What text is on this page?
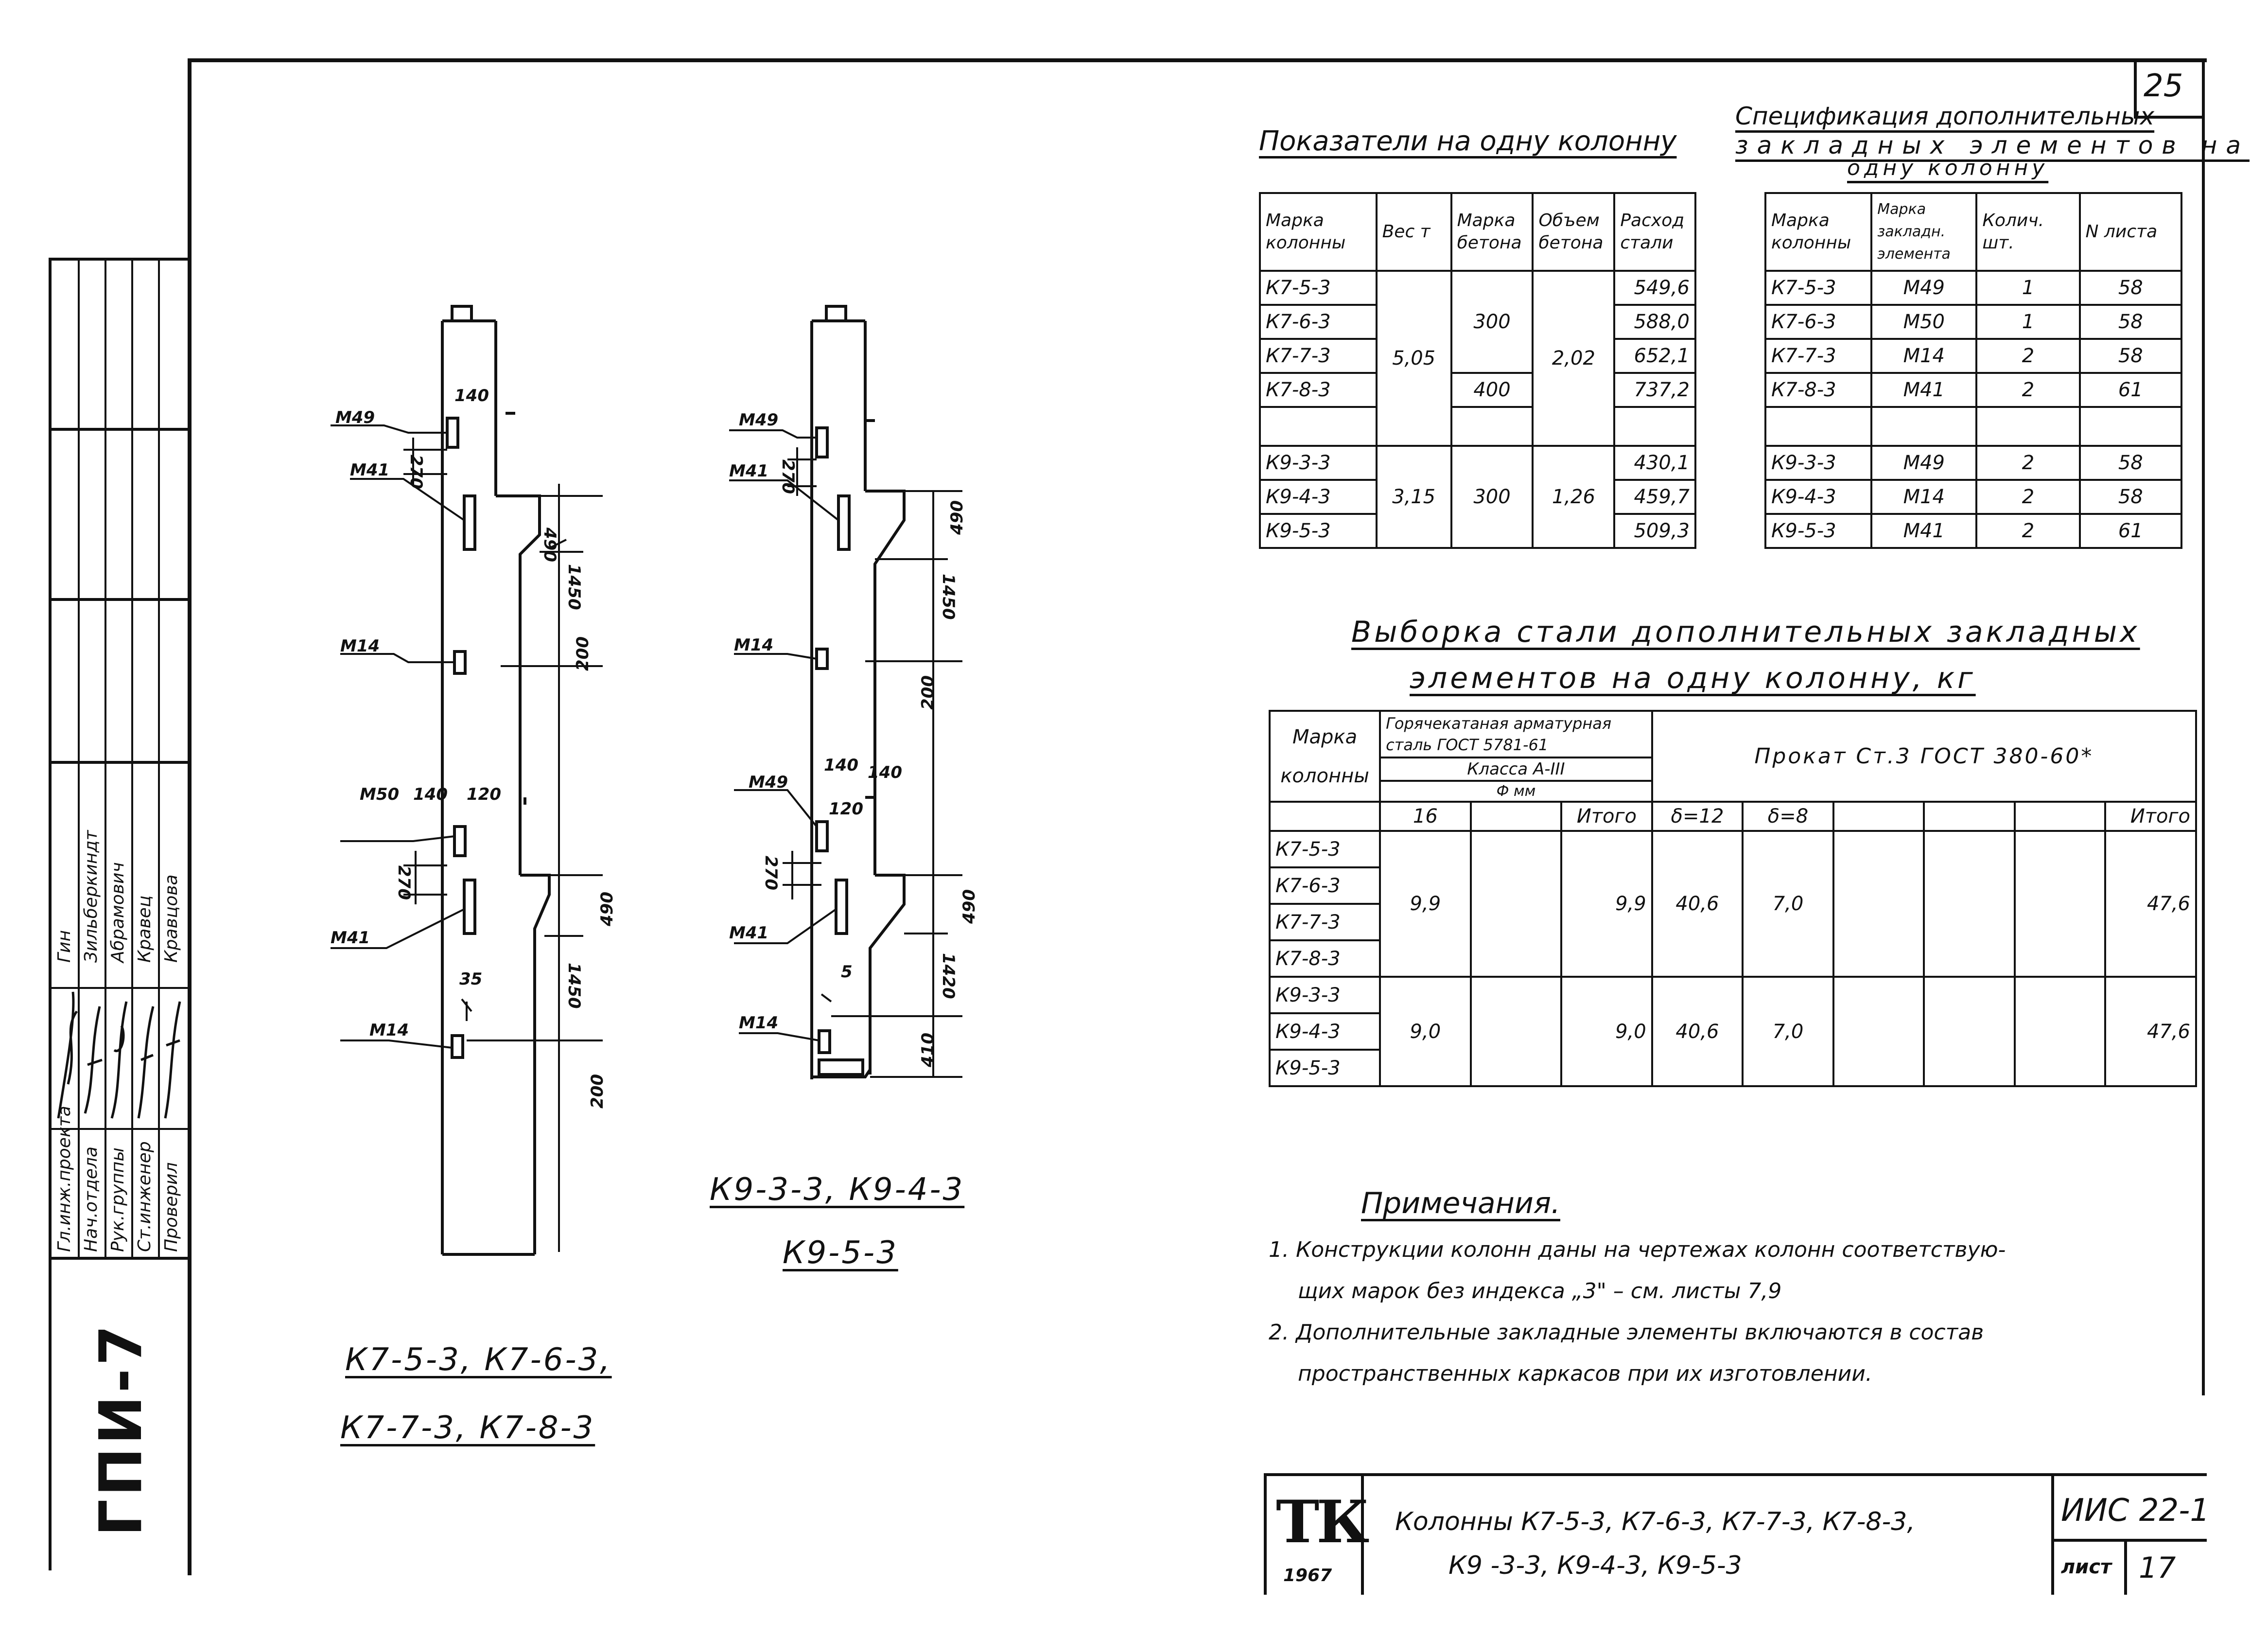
25
Гл.инж.проекта Нач.отдела Рук.группы Ст.инженер Проверил
Гин Зильберкиндт Абрамович Кравец Кравцова
ГПИ-7
М49
140
270
М41
490
1450
М14	200
М50 140 120
270
М41
490
35	1450
М14
200
К7-5-3, К7-6-3,
К7-7-3, К7-8-3
М49
270
М41
490
1450
М14
200
140 140
М49
120
270
М41
490
5	1420
М14
410
К9-3-3, К9-4-3
К9-5-3
Показатели на одну колонну
Марка колонны	Вес т	Марка бетона	Объем бетона	Расход стали
К7-5-3	5,05	300	2,02	549,6
К7-6-3				588,0
К7-7-3				652,1
К7-8-3		400		737,2

К9-3-3	3,15	300	1,26	430,1
К9-4-3				459,7
К9-5-3				509,3
Спецификация дополнительных
закладных элементов на
одну колонну
Марка колонны	Марка закладн. элемента	Колич. шт.	N листа
К7-5-3	М49	1	58
К7-6-3	М50	1	58
К7-7-3	М14	2	58
К7-8-3	М41	2	61

К9-3-3	М49	2	58
К9-4-3	М14	2	58
К9-5-3	М41	2	61
Выборка стали дополнительных закладных
элементов на одну колонну, кг
Марка колонны	Горячекатаная арматурная сталь ГОСТ 5781-61			Прокат Ст.3 ГОСТ 380-60*					
	Класса А-III								
	Ф мм								
	16		Итого	δ=12	δ=8				Итого
К7-5-3	9,9		9,9	40,6	7,0				47,6
К7-6-3									
К7-7-3									
К7-8-3									
К9-3-3	9,0		9,0	40,6	7,0				47,6
К9-4-3									
К9-5-3									
Примечания.
1. Конструкции колонн даны на чертежах колонн соответствую-
щих марок без индекса „3" – см. листы 7,9
2. Дополнительные закладные элементы включаются в состав
пространственных каркасов при их изготовлении.
ТК
1967
Колонны К7-5-3, К7-6-3, К7-7-3, К7-8-3,
К9 -3-3, К9-4-3, К9-5-3
ИИС 22-1
лист 17
